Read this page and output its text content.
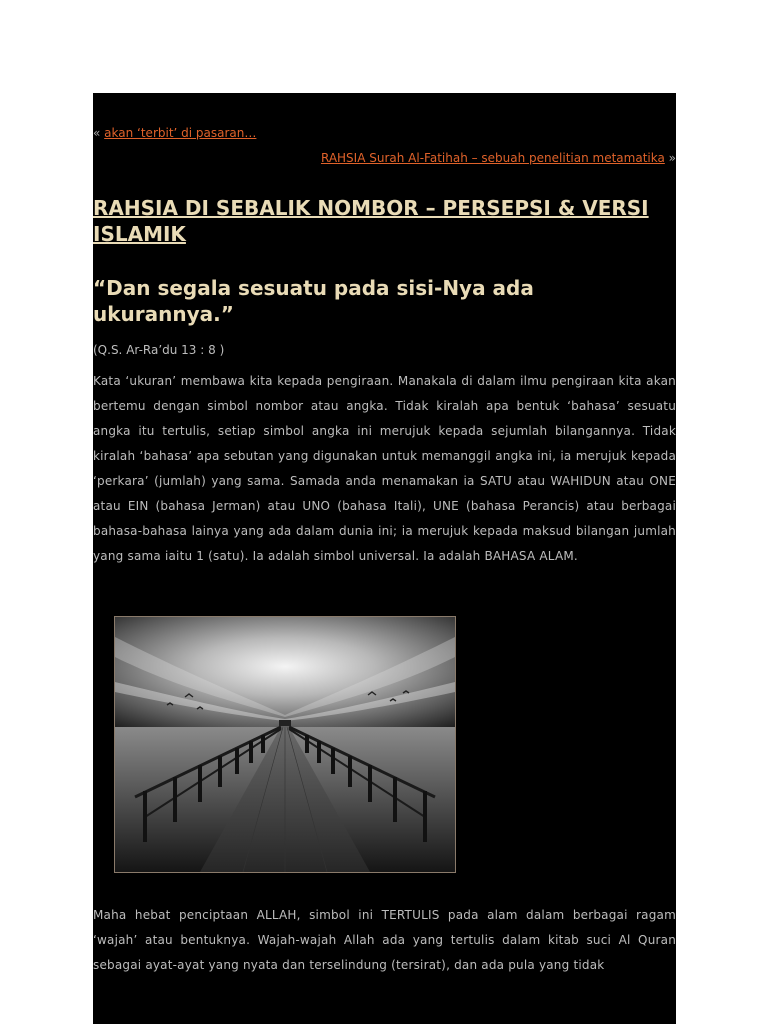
« akan ‘terbit’ di pasaran…
RAHSIA Surah Al-Fatihah – sebuah penelitian metamatika »
RAHSIA DI SEBALIK NOMBOR – PERSEPSI & VERSI ISLAMIK
“Dan segala sesuatu pada sisi-Nya ada ukurannya.”
(Q.S. Ar-Ra’du 13 : 8 )

Kata ‘ukuran’ membawa kita kepada pengiraan. Manakala di dalam ilmu pengiraan kita akan bertemu dengan simbol nombor atau angka. Tidak kiralah apa bentuk ‘bahasa’ sesuatu angka itu tertulis, setiap simbol angka ini merujuk kepada sejumlah bilangannya. Tidak kiralah ‘bahasa’ apa sebutan yang digunakan untuk memanggil angka ini, ia merujuk kepada ‘perkara’ (jumlah) yang sama. Samada anda menamakan ia SATU atau WAHIDUN atau ONE atau EIN (bahasa Jerman) atau UNO (bahasa Itali), UNE (bahasa Perancis) atau berbagai bahasa-bahasa lainya yang ada dalam dunia ini; ia merujuk kepada maksud bilangan jumlah yang sama iaitu 1 (satu). Ia adalah simbol universal. Ia adalah BAHASA ALAM.

Maha hebat penciptaan ALLAH, simbol ini TERTULIS pada alam dalam berbagai ragam ‘wajah’ atau bentuknya. Wajah-wajah Allah ada yang tertulis dalam kitab suci Al Quran sebagai ayat-ayat yang nyata dan terselindung (tersirat), dan ada pula yang tidak
